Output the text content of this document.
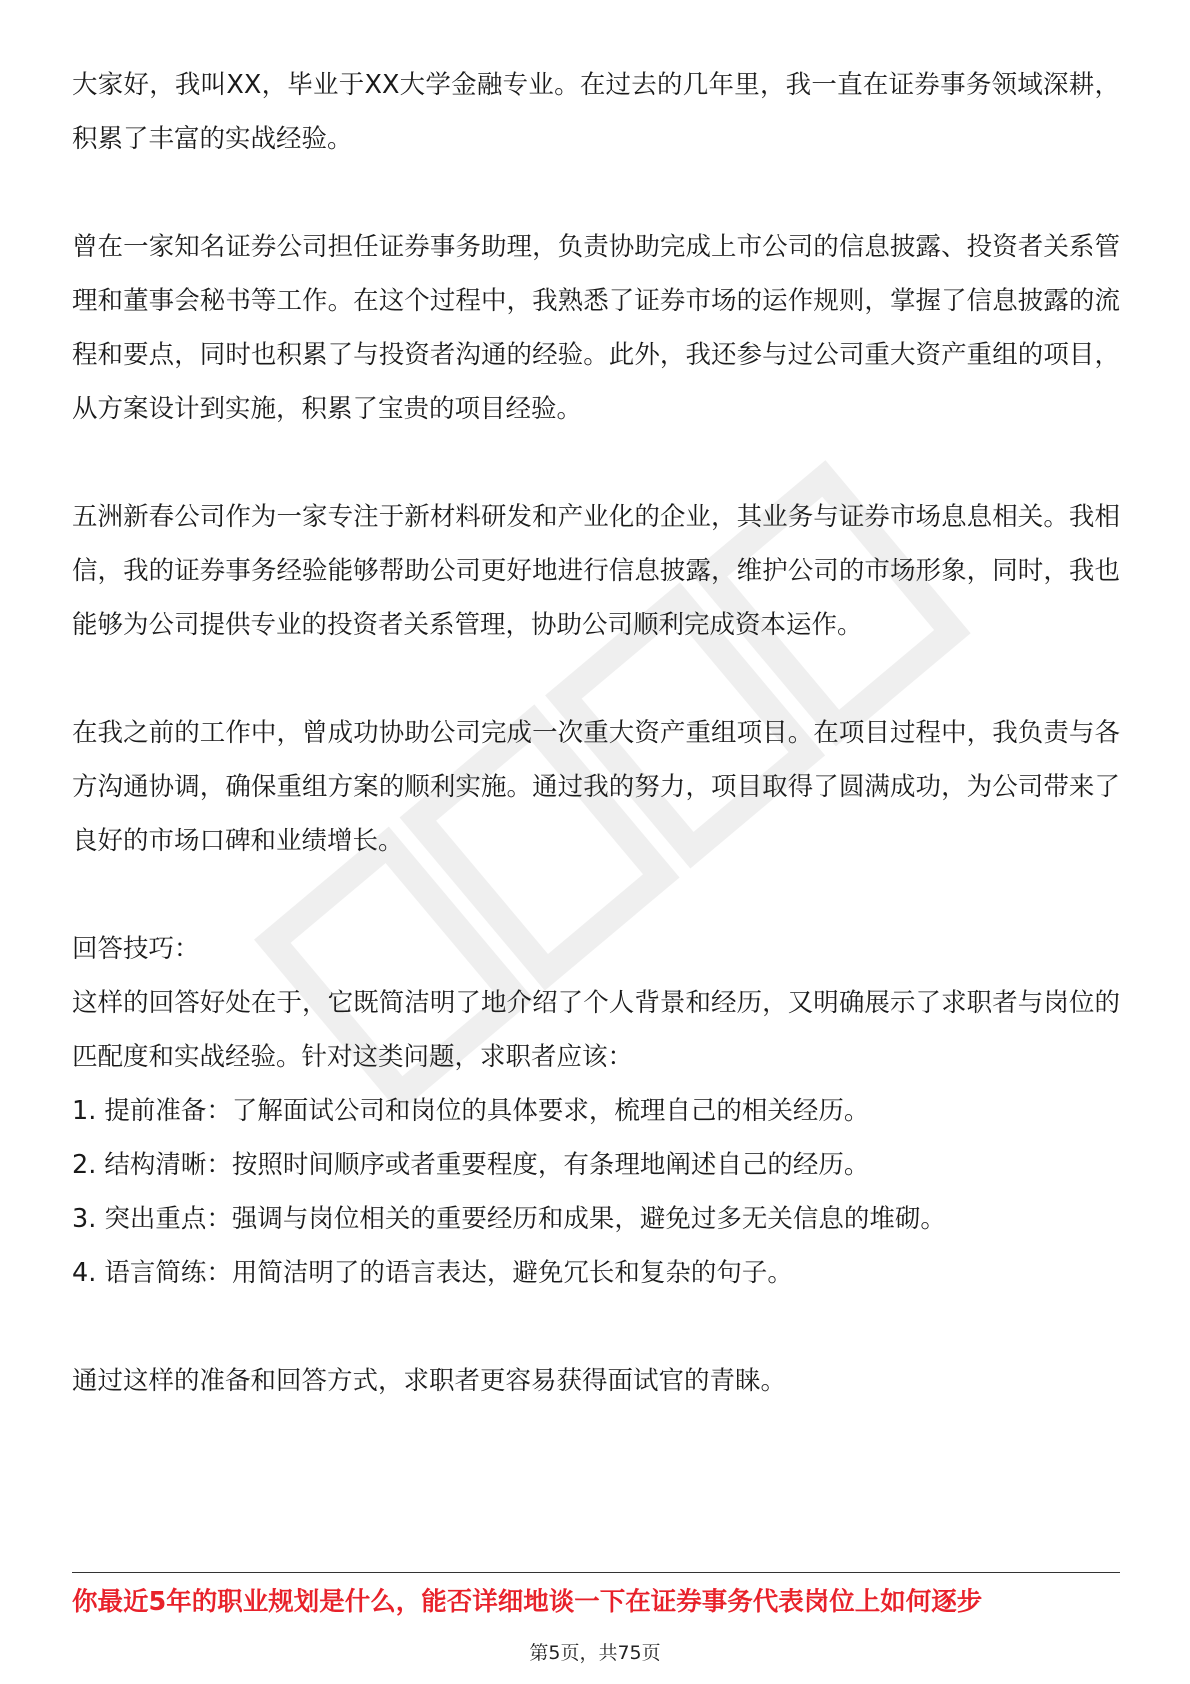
大家好，我叫XX，毕业于XX大学金融专业。在过去的几年里，我一直在证券事务领域深耕，积累了丰富的实战经验。

曾在一家知名证券公司担任证券事务助理，负责协助完成上市公司的信息披露、投资者关系管理和董事会秘书等工作。在这个过程中，我熟悉了证券市场的运作规则，掌握了信息披露的流程和要点，同时也积累了与投资者沟通的经验。此外，我还参与过公司重大资产重组的项目，从方案设计到实施，积累了宝贵的项目经验。

五洲新春公司作为一家专注于新材料研发和产业化的企业，其业务与证券市场息息相关。我相信，我的证券事务经验能够帮助公司更好地进行信息披露，维护公司的市场形象，同时，我也能够为公司提供专业的投资者关系管理，协助公司顺利完成资本运作。

在我之前的工作中，曾成功协助公司完成一次重大资产重组项目。在项目过程中，我负责与各方沟通协调，确保重组方案的顺利实施。通过我的努力，项目取得了圆满成功，为公司带来了良好的市场口碑和业绩增长。

回答技巧：

这样的回答好处在于，它既简洁明了地介绍了个人背景和经历，又明确展示了求职者与岗位的匹配度和实战经验。针对这类问题，求职者应该：

1. 提前准备：了解面试公司和岗位的具体要求，梳理自己的相关经历。
2. 结构清晰：按照时间顺序或者重要程度，有条理地阐述自己的经历。
3. 突出重点：强调与岗位相关的重要经历和成果，避免过多无关信息的堆砌。
4. 语言简练：用简洁明了的语言表达，避免冗长和复杂的句子。

通过这样的准备和回答方式，求职者更容易获得面试官的青睐。

你最近5年的职业规划是什么，能否详细地谈一下在证券事务代表岗位上如何逐步
第5页，共75页
